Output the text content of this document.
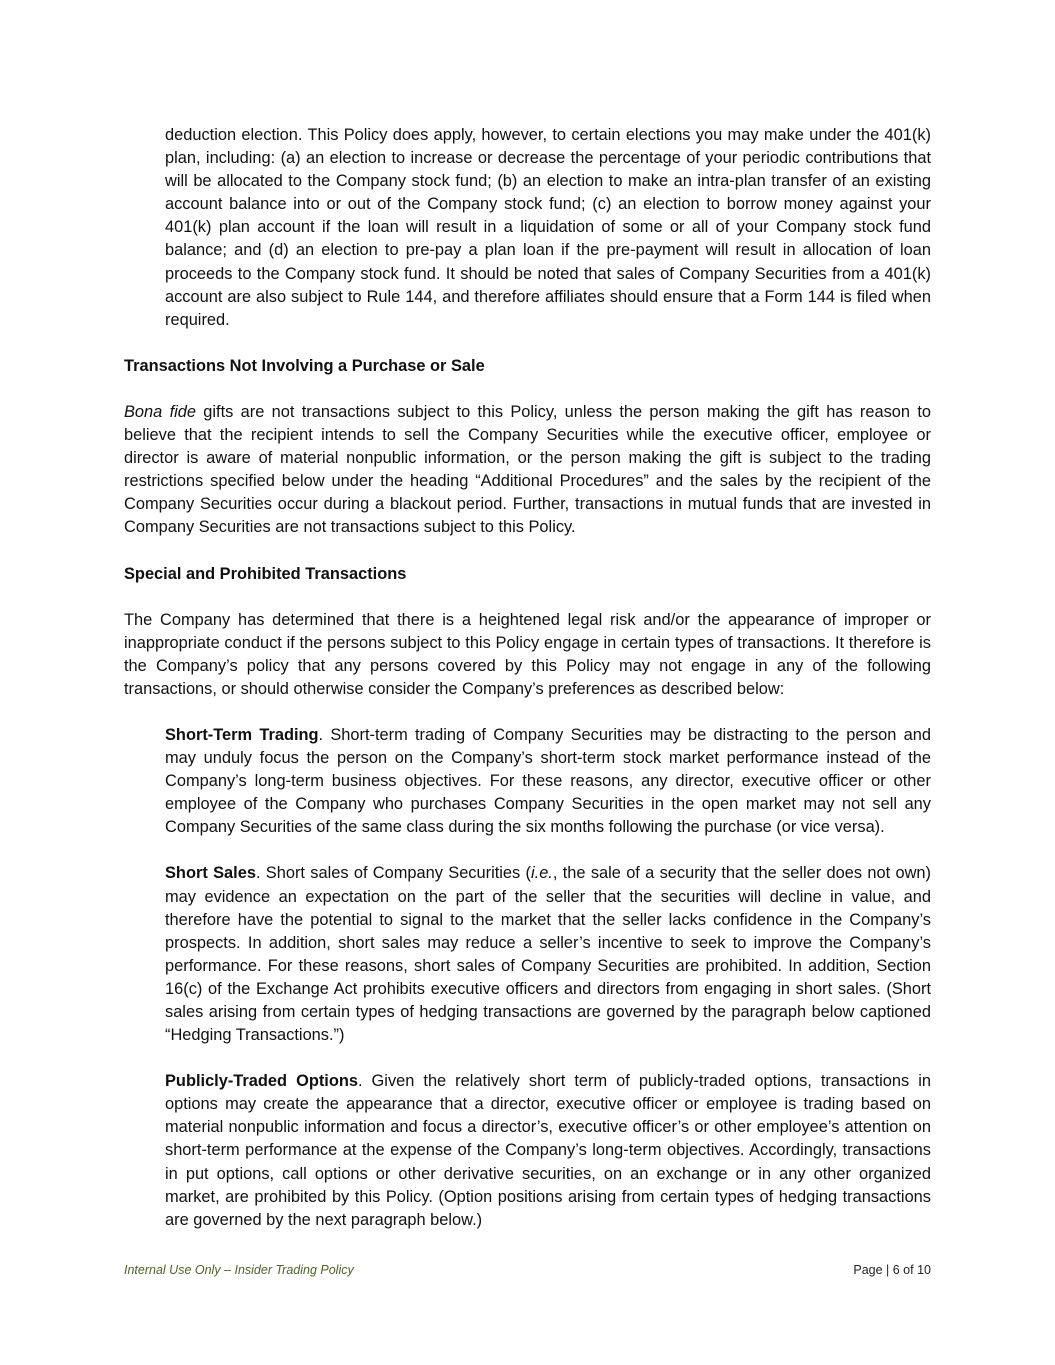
deduction election. This Policy does apply, however, to certain elections you may make under the 401(k) plan, including: (a) an election to increase or decrease the percentage of your periodic contributions that will be allocated to the Company stock fund; (b) an election to make an intra-plan transfer of an existing account balance into or out of the Company stock fund; (c) an election to borrow money against your 401(k) plan account if the loan will result in a liquidation of some or all of your Company stock fund balance; and (d) an election to pre-pay a plan loan if the pre-payment will result in allocation of loan proceeds to the Company stock fund. It should be noted that sales of Company Securities from a 401(k) account are also subject to Rule 144, and therefore affiliates should ensure that a Form 144 is filed when required.

Transactions Not Involving a Purchase or Sale

Bona fide gifts are not transactions subject to this Policy, unless the person making the gift has reason to believe that the recipient intends to sell the Company Securities while the executive officer, employee or director is aware of material nonpublic information, or the person making the gift is subject to the trading restrictions specified below under the heading “Additional Procedures” and the sales by the recipient of the Company Securities occur during a blackout period. Further, transactions in mutual funds that are invested in Company Securities are not transactions subject to this Policy.

Special and Prohibited Transactions

The Company has determined that there is a heightened legal risk and/or the appearance of improper or inappropriate conduct if the persons subject to this Policy engage in certain types of transactions. It therefore is the Company’s policy that any persons covered by this Policy may not engage in any of the following transactions, or should otherwise consider the Company’s preferences as described below:

Short-Term Trading. Short-term trading of Company Securities may be distracting to the person and may unduly focus the person on the Company’s short-term stock market performance instead of the Company’s long-term business objectives. For these reasons, any director, executive officer or other employee of the Company who purchases Company Securities in the open market may not sell any Company Securities of the same class during the six months following the purchase (or vice versa).

Short Sales. Short sales of Company Securities (i.e., the sale of a security that the seller does not own) may evidence an expectation on the part of the seller that the securities will decline in value, and therefore have the potential to signal to the market that the seller lacks confidence in the Company’s prospects. In addition, short sales may reduce a seller’s incentive to seek to improve the Company’s performance. For these reasons, short sales of Company Securities are prohibited. In addition, Section 16(c) of the Exchange Act prohibits executive officers and directors from engaging in short sales. (Short sales arising from certain types of hedging transactions are governed by the paragraph below captioned “Hedging Transactions.”)

Publicly-Traded Options. Given the relatively short term of publicly-traded options, transactions in options may create the appearance that a director, executive officer or employee is trading based on material nonpublic information and focus a director’s, executive officer’s or other employee’s attention on short-term performance at the expense of the Company’s long-term objectives. Accordingly, transactions in put options, call options or other derivative securities, on an exchange or in any other organized market, are prohibited by this Policy. (Option positions arising from certain types of hedging transactions are governed by the next paragraph below.)

Internal Use Only – Insider Trading Policy	Page | 6 of 10
